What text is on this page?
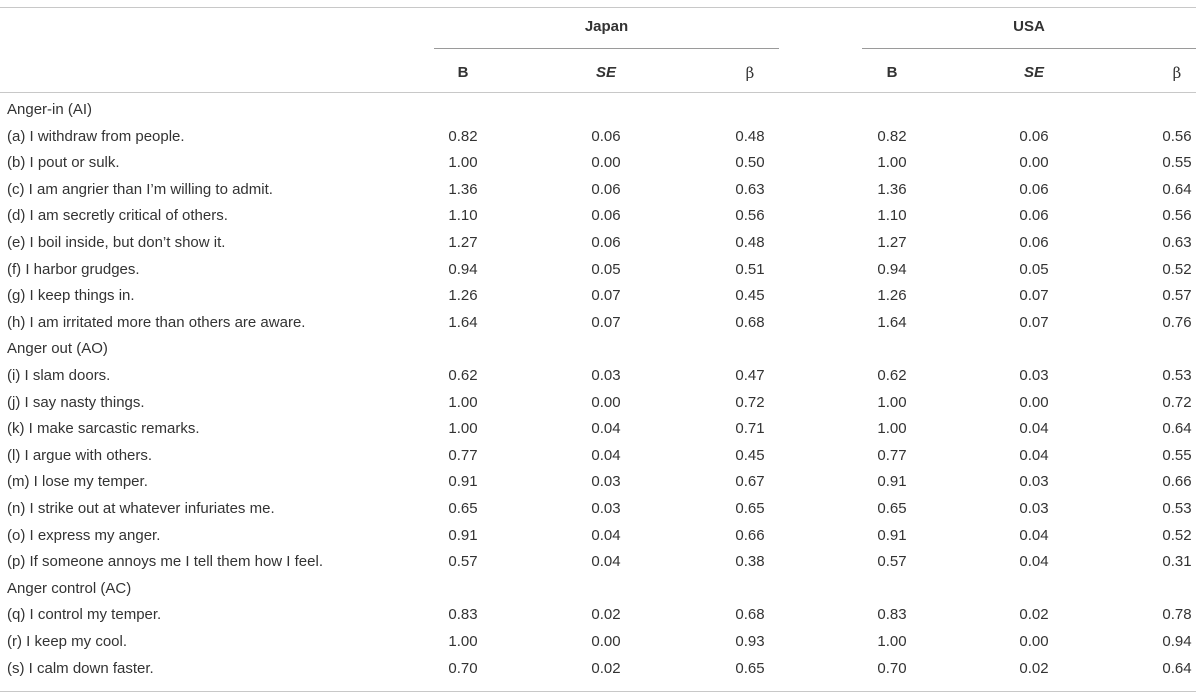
Japan	USA
B	SE	β	B	SE	β
Anger-in (AI)
(a) I withdraw from people.	0.82	0.06	0.48	0.82	0.06	0.56
(b) I pout or sulk.	1.00	0.00	0.50	1.00	0.00	0.55
(c) I am angrier than I’m willing to admit.	1.36	0.06	0.63	1.36	0.06	0.64
(d) I am secretly critical of others.	1.10	0.06	0.56	1.10	0.06	0.56
(e) I boil inside, but don’t show it.	1.27	0.06	0.48	1.27	0.06	0.63
(f) I harbor grudges.	0.94	0.05	0.51	0.94	0.05	0.52
(g) I keep things in.	1.26	0.07	0.45	1.26	0.07	0.57
(h) I am irritated more than others are aware.	1.64	0.07	0.68	1.64	0.07	0.76
Anger out (AO)
(i) I slam doors.	0.62	0.03	0.47	0.62	0.03	0.53
(j) I say nasty things.	1.00	0.00	0.72	1.00	0.00	0.72
(k) I make sarcastic remarks.	1.00	0.04	0.71	1.00	0.04	0.64
(l) I argue with others.	0.77	0.04	0.45	0.77	0.04	0.55
(m) I lose my temper.	0.91	0.03	0.67	0.91	0.03	0.66
(n) I strike out at whatever infuriates me.	0.65	0.03	0.65	0.65	0.03	0.53
(o) I express my anger.	0.91	0.04	0.66	0.91	0.04	0.52
(p) If someone annoys me I tell them how I feel.	0.57	0.04	0.38	0.57	0.04	0.31
Anger control (AC)
(q) I control my temper.	0.83	0.02	0.68	0.83	0.02	0.78
(r) I keep my cool.	1.00	0.00	0.93	1.00	0.00	0.94
(s) I calm down faster.	0.70	0.02	0.65	0.70	0.02	0.64
